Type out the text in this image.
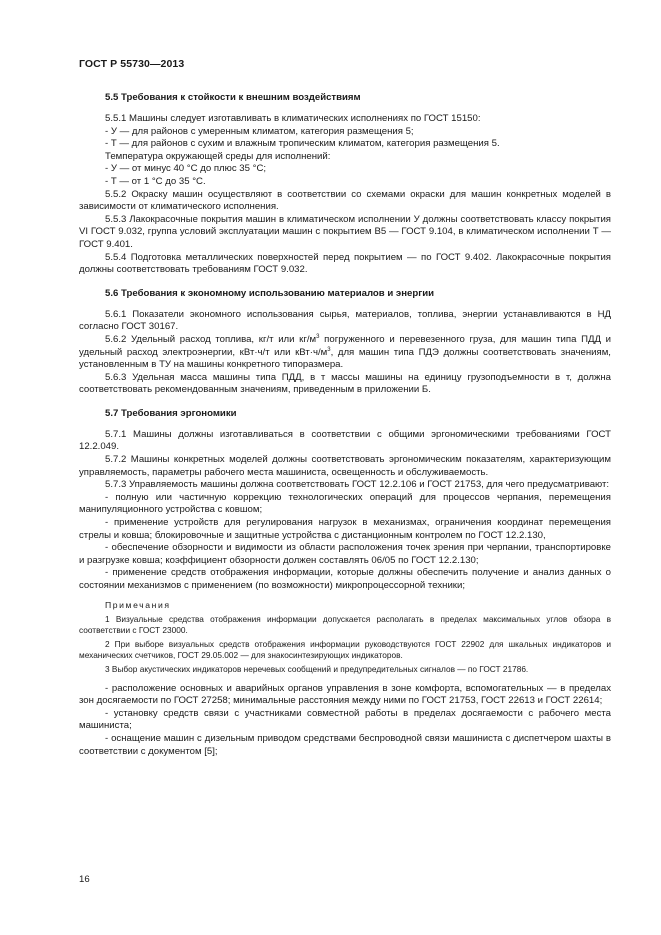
ГОСТ Р 55730—2013
5.5 Требования к стойкости к внешним воздействиям

5.5.1 Машины следует изготавливать в климатических исполнениях по ГОСТ 15150:

- У — для районов с умеренным климатом, категория размещения 5;

- Т — для районов с сухим и влажным тропическим климатом, категория размещения 5.

Температура окружающей среды для исполнений:

- У — от минус 40 °С до плюс 35 °С;

- Т — от 1 °С до 35 °С.

5.5.2 Окраску машин осуществляют в соответствии со схемами окраски для машин конкретных моделей в зависимости от климатического исполнения.

5.5.3 Лакокрасочные покрытия машин в климатическом исполнении У должны соответствовать классу покрытия VI ГОСТ 9.032, группа условий эксплуатации машин с покрытием В5 — ГОСТ 9.104, в климатическом исполнении Т — ГОСТ 9.401.

5.5.4 Подготовка металлических поверхностей перед покрытием — по ГОСТ 9.402. Лакокрасочные покрытия должны соответствовать требованиям ГОСТ 9.032.

5.6 Требования к экономному использованию материалов и энергии

5.6.1 Показатели экономного использования сырья, материалов, топлива, энергии устанавливаются в НД согласно ГОСТ 30167.

5.6.2 Удельный расход топлива, кг/т или $кг/м^3$ погруженного и перевезенного груза, для машин типа ПДД и удельный расход электроэнергии, кВт·ч/т или $кВт\cdot ч/м^3$, для машин типа ПДЭ должны соответствовать значениям, установленным в ТУ на машины конкретного типоразмера.

5.6.3 Удельная масса машины типа ПДД, в т массы машины на единицу грузоподъемности в т, должна соответствовать рекомендованным значениям, приведенным в приложении Б.

5.7 Требования эргономики

5.7.1 Машины должны изготавливаться в соответствии с общими эргономическими требованиями ГОСТ 12.2.049.

5.7.2 Машины конкретных моделей должны соответствовать эргономическим показателям, характеризующим управляемость, параметры рабочего места машиниста, освещенность и обслуживаемость.

5.7.3 Управляемость машины должна соответствовать ГОСТ 12.2.106 и ГОСТ 21753, для чего предусматривают:

- полную или частичную коррекцию технологических операций для процессов черпания, перемещения манипуляционного устройства с ковшом;

- применение устройств для регулирования нагрузок в механизмах, ограничения координат перемещения стрелы и ковша; блокировочные и защитные устройства с дистанционным контролем по ГОСТ 12.2.130,

- обеспечение обзорности и видимости из области расположения точек зрения при черпании, транспортировке и разгрузке ковша; коэффициент обзорности должен составлять 06/05 по ГОСТ 12.2.130;

- применение средств отображения информации, которые должны обеспечить получение и анализ данных о состоянии механизмов с применением (по возможности) микропроцессорной техники;

Примечания

1 Визуальные средства отображения информации допускается располагать в пределах максимальных углов обзора в соответствии с ГОСТ 23000.

2 При выборе визуальных средств отображения информации руководствуются ГОСТ 22902 для шкальных индикаторов и механических счетчиков, ГОСТ 29.05.002 — для знакосинтезирующих индикаторов.

3 Выбор акустических индикаторов неречевых сообщений и предупредительных сигналов — по ГОСТ 21786.

- расположение основных и аварийных органов управления в зоне комфорта, вспомогательных — в пределах зон досягаемости по ГОСТ 27258; минимальные расстояния между ними по ГОСТ 21753, ГОСТ 22613 и ГОСТ 22614;

- установку средств связи с участниками совместной работы в пределах досягаемости с рабочего места машиниста;

- оснащение машин с дизельным приводом средствами беспроводной связи машиниста с диспетчером шахты в соответствии с документом [5];

16
